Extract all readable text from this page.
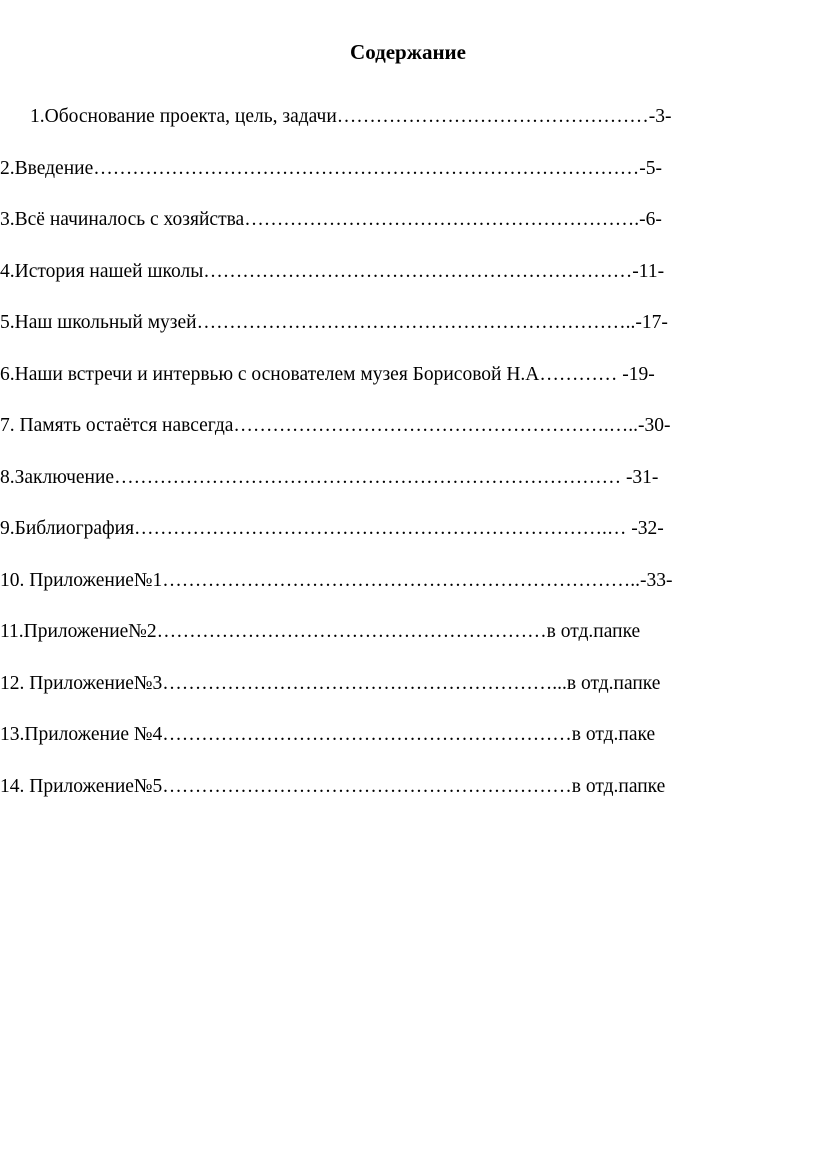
Содержание
1.Обоснование проекта, цель, задачи…………………………………………-3-
2.Введение…………………………………………………………………………-5-
3.Всё начиналось с хозяйства…………………………………………………….-6-
4.История нашей школы…………………………………………………………-11-
5.Наш школьный музей…………………………………………………………..-17-
6.Наши встречи и интервью с основателем музея Борисовой Н.А………… -19-
7. Память остаётся навсегда………………………………………………….…..-30-
8.Заключение…………………………………………………………………… -31-
9.Библиография……………………………………………………………….… -32-
10. Приложение№1………………………………………………………………..-33-
11.Приложение№2……………………………………………………в отд.папке
12. Приложение№3……………………………………………………...в отд.папке
13.Приложение №4………………………………………………………в отд.паке
14. Приложение№5………………………………………………………в отд.папке
